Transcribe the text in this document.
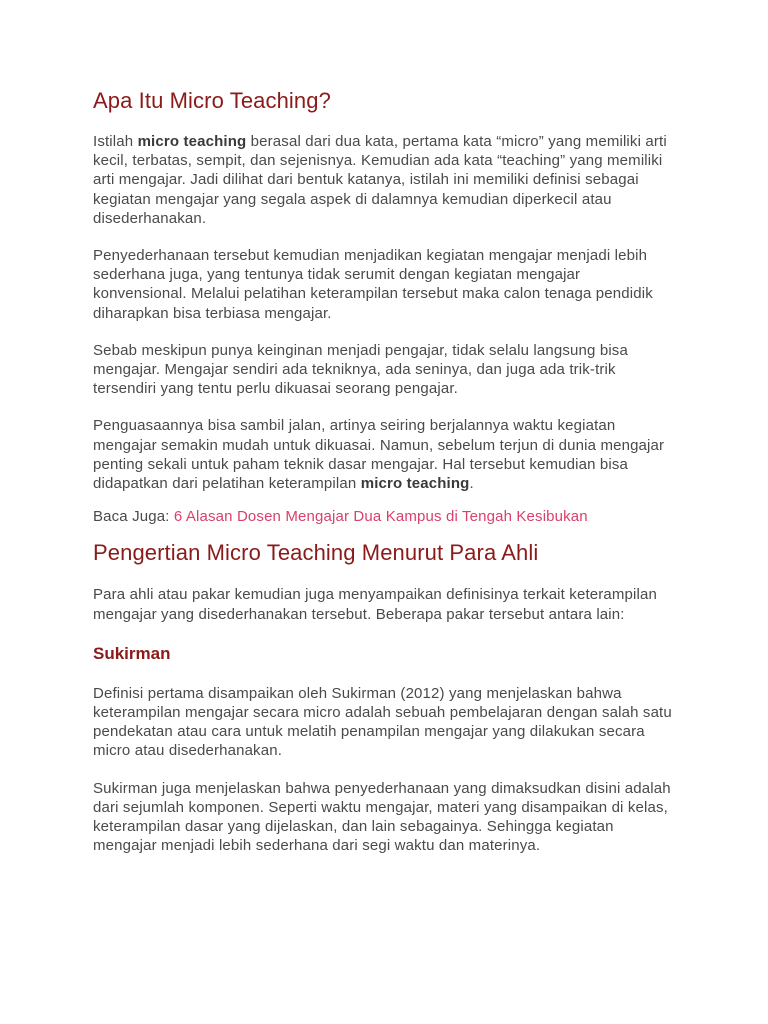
Apa Itu Micro Teaching?

Istilah micro teaching berasal dari dua kata, pertama kata “micro” yang memiliki arti kecil, terbatas, sempit, dan sejenisnya. Kemudian ada kata “teaching” yang memiliki arti mengajar. Jadi dilihat dari bentuk katanya, istilah ini memiliki definisi sebagai kegiatan mengajar yang segala aspek di dalamnya kemudian diperkecil atau disederhanakan.

Penyederhanaan tersebut kemudian menjadikan kegiatan mengajar menjadi lebih sederhana juga, yang tentunya tidak serumit dengan kegiatan mengajar konvensional. Melalui pelatihan keterampilan tersebut maka calon tenaga pendidik diharapkan bisa terbiasa mengajar.

Sebab meskipun punya keinginan menjadi pengajar, tidak selalu langsung bisa mengajar. Mengajar sendiri ada tekniknya, ada seninya, dan juga ada trik-trik tersendiri yang tentu perlu dikuasai seorang pengajar.

Penguasaannya bisa sambil jalan, artinya seiring berjalannya waktu kegiatan mengajar semakin mudah untuk dikuasai. Namun, sebelum terjun di dunia mengajar penting sekali untuk paham teknik dasar mengajar. Hal tersebut kemudian bisa didapatkan dari pelatihan keterampilan micro teaching.

Baca Juga: 6 Alasan Dosen Mengajar Dua Kampus di Tengah Kesibukan

Pengertian Micro Teaching Menurut Para Ahli

Para ahli atau pakar kemudian juga menyampaikan definisinya terkait keterampilan mengajar yang disederhanakan tersebut. Beberapa pakar tersebut antara lain:

Sukirman

Definisi pertama disampaikan oleh Sukirman (2012) yang menjelaskan bahwa keterampilan mengajar secara micro adalah sebuah pembelajaran dengan salah satu pendekatan atau cara untuk melatih penampilan mengajar yang dilakukan secara micro atau disederhanakan.

Sukirman juga menjelaskan bahwa penyederhanaan yang dimaksudkan disini adalah dari sejumlah komponen. Seperti waktu mengajar, materi yang disampaikan di kelas, keterampilan dasar yang dijelaskan, dan lain sebagainya. Sehingga kegiatan mengajar menjadi lebih sederhana dari segi waktu dan materinya.
